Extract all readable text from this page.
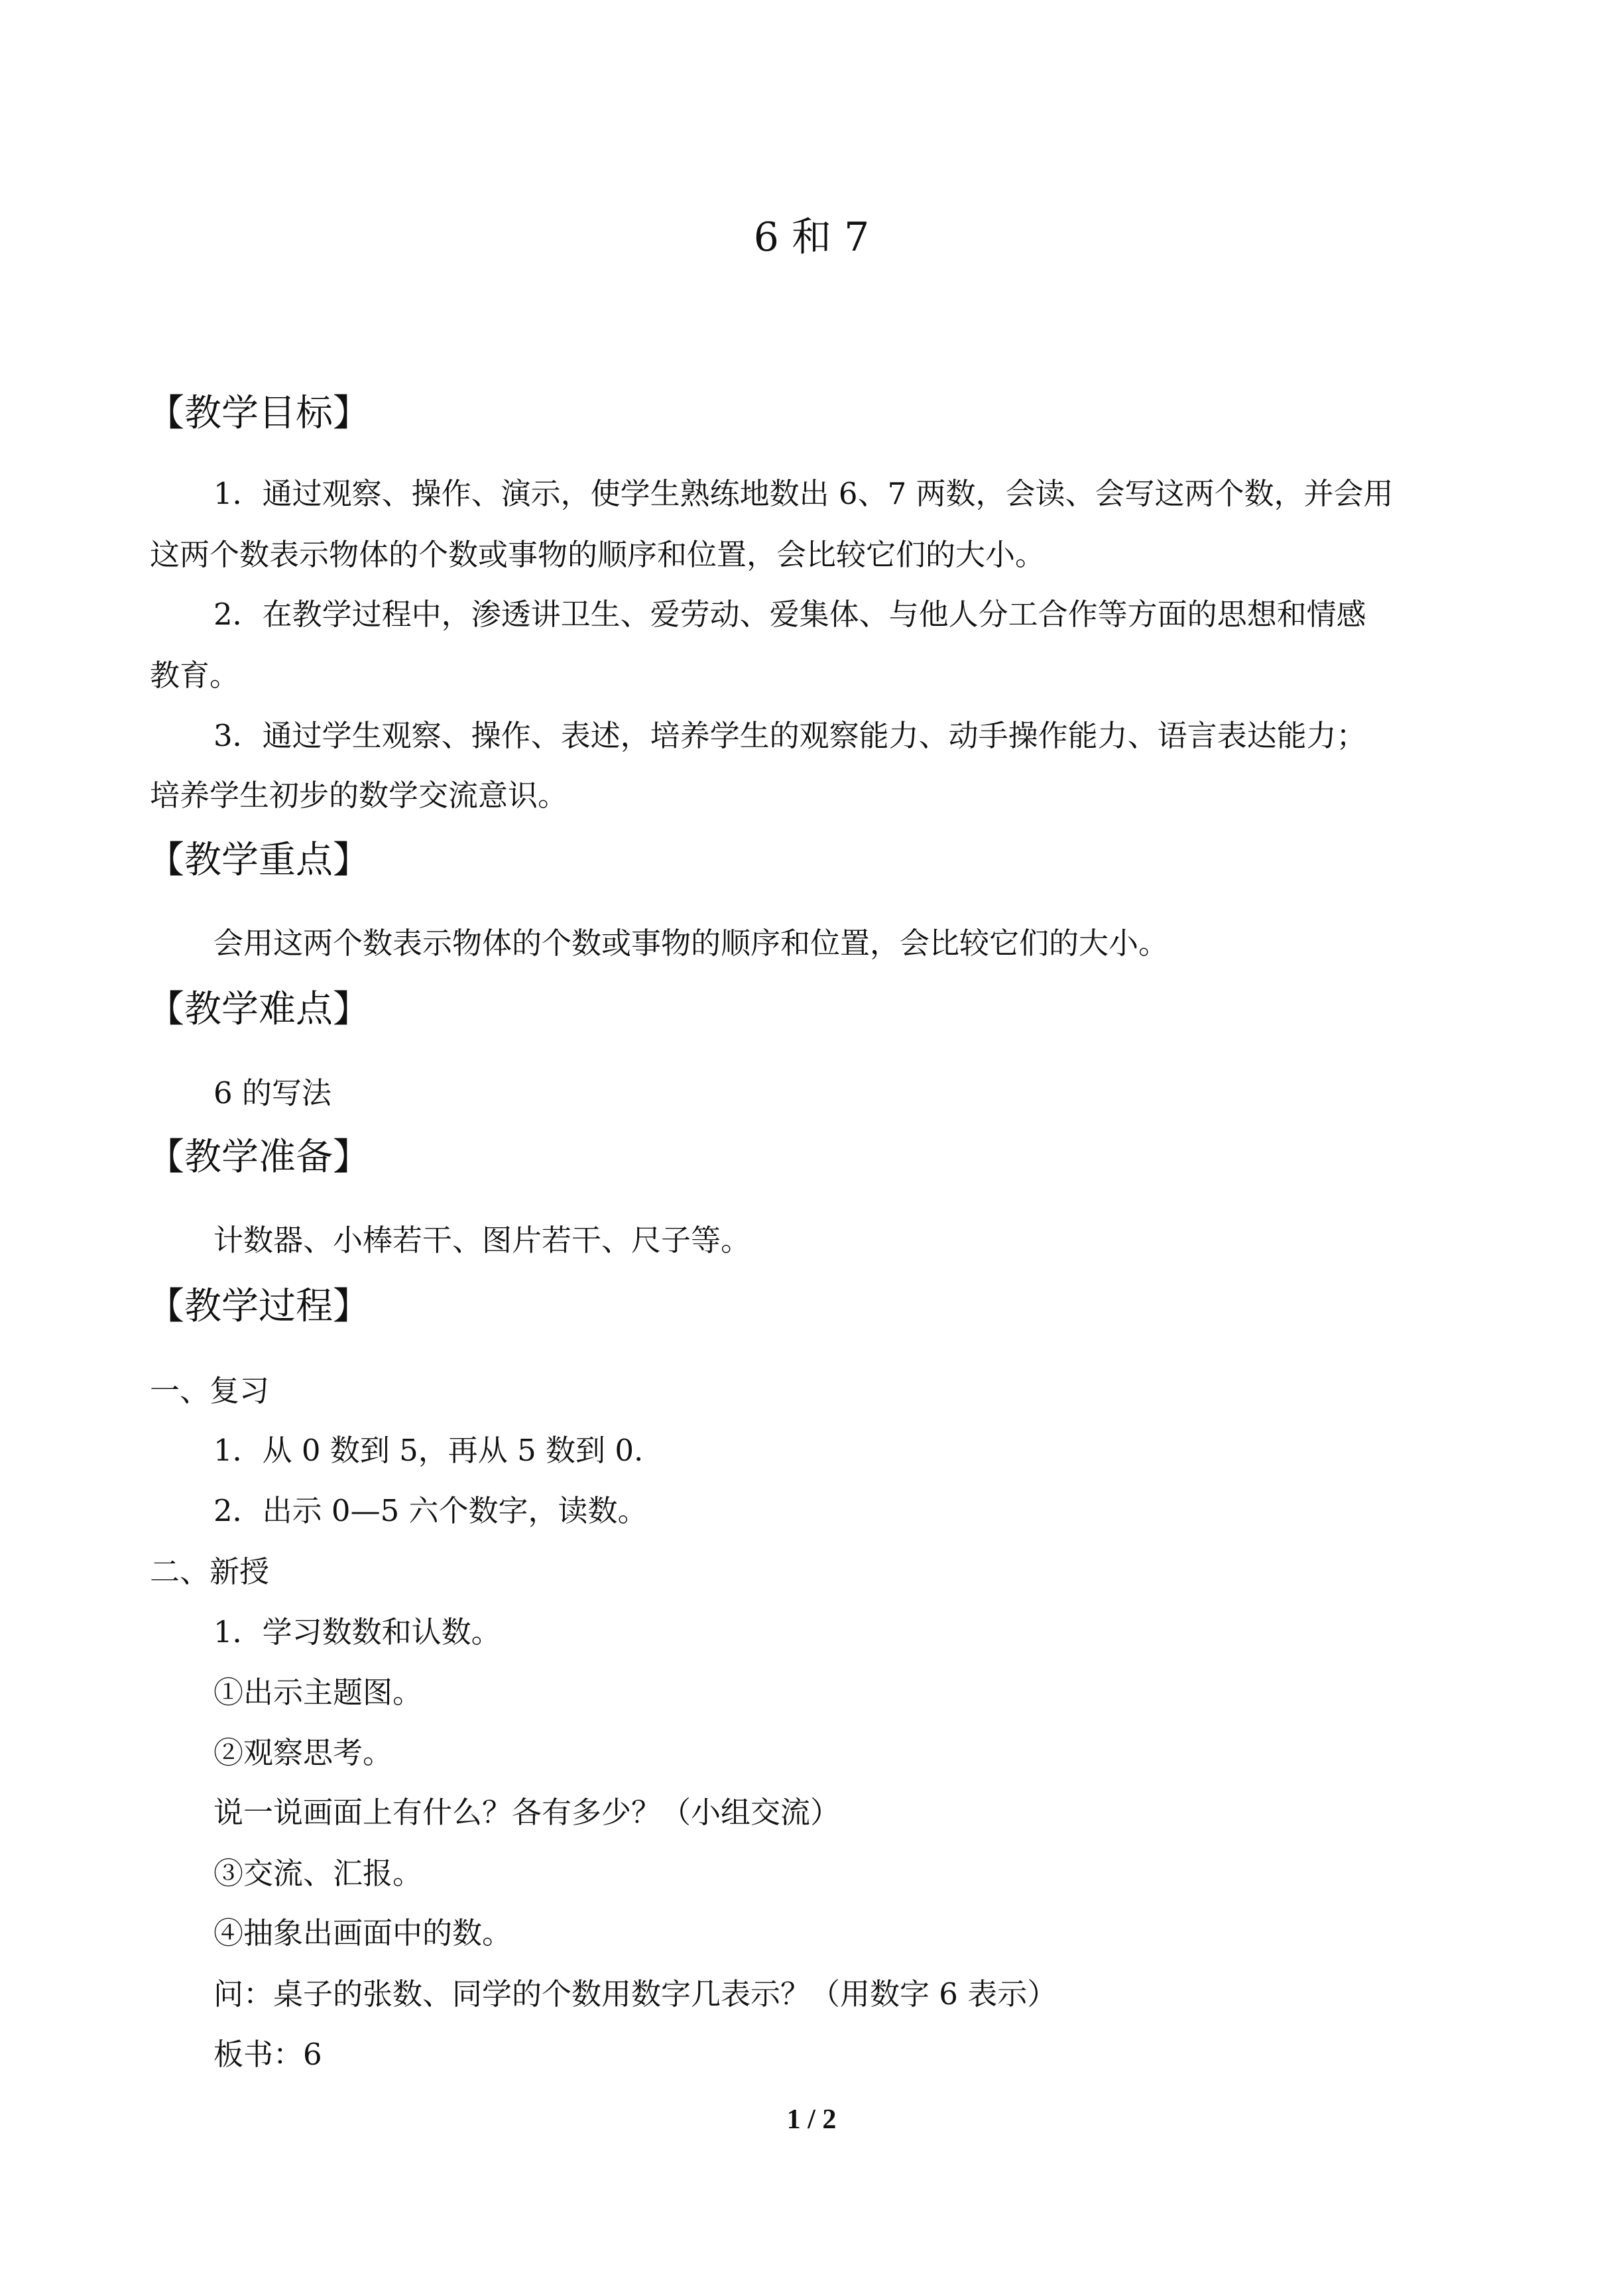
6 和 7
【教学目标】
1．通过观察、操作、演示，使学生熟练地数出 6、7 两数，会读、会写这两个数，并会用
这两个数表示物体的个数或事物的顺序和位置，会比较它们的大小。
2．在教学过程中，渗透讲卫生、爱劳动、爱集体、与他人分工合作等方面的思想和情感
教育。
3．通过学生观察、操作、表述，培养学生的观察能力、动手操作能力、语言表达能力；
培养学生初步的数学交流意识。
【教学重点】
会用这两个数表示物体的个数或事物的顺序和位置，会比较它们的大小。
【教学难点】
6 的写法
【教学准备】
计数器、小棒若干、图片若干、尺子等。
【教学过程】
一、复习
1．从 0 数到 5，再从 5 数到 0.
2．出示 0—5 六个数字，读数。
二、新授
1．学习数数和认数。
①出示主题图。
②观察思考。
说一说画面上有什么？各有多少？（小组交流）
③交流、汇报。
④抽象出画面中的数。
问：桌子的张数、同学的个数用数字几表示？（用数字 6 表示）
板书：6
1 / 2
